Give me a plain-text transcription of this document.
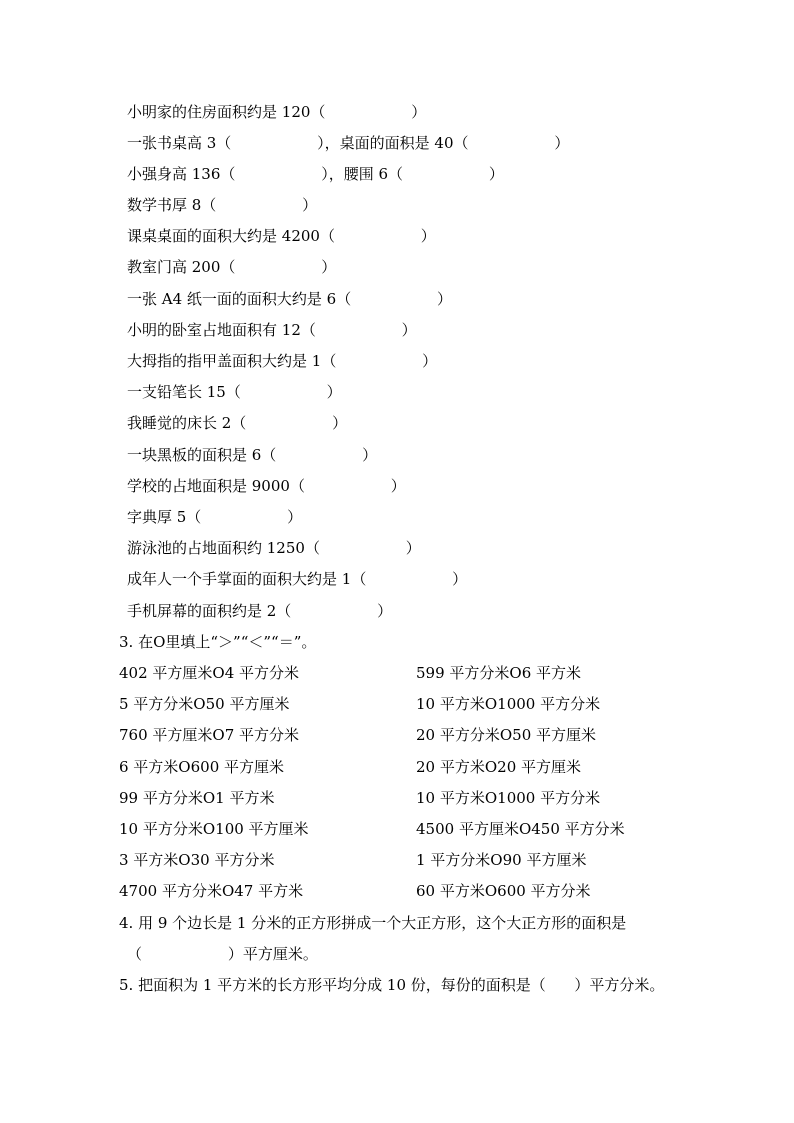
小明家的住房面积约是 120（                  ）
一张书桌高 3（                  ），桌面的面积是 40（                  ）
小强身高 136（                  ），腰围 6（                  ）
数学书厚 8（                  ）
课桌桌面的面积大约是 4200（                  ）
教室门高 200（                  ）
一张 A4 纸一面的面积大约是 6（                  ）
小明的卧室占地面积有 12（                  ）
大拇指的指甲盖面积大约是 1（                  ）
一支铅笔长 15（                  ）
我睡觉的床长 2（                  ）
一块黑板的面积是 6（                  ）
学校的占地面积是 9000（                  ）
字典厚 5（                  ）
游泳池的占地面积约 1250（                  ）
成年人一个手掌面的面积大约是 1（                  ）
手机屏幕的面积约是 2（                  ）
3. 在O里填上“＞”“＜”“＝”。
402 平方厘米O4 平方分米	599 平方分米O6 平方米
5 平方分米O50 平方厘米	10 平方米O1000 平方分米
760 平方厘米O7 平方分米	20 平方分米O50 平方厘米
6 平方米O600 平方厘米	20 平方米O20 平方厘米
99 平方分米O1 平方米	10 平方米O1000 平方分米
10 平方分米O100 平方厘米	4500 平方厘米O450 平方分米
3 平方米O30 平方分米	1 平方分米O90 平方厘米
4700 平方分米O47 平方米	60 平方米O600 平方分米
4. 用 9 个边长是 1 分米的正方形拼成一个大正方形，这个大正方形的面积是
（                  ）平方厘米。
5. 把面积为 1 平方米的长方形平均分成 10 份，每份的面积是（      ）平方分米。
